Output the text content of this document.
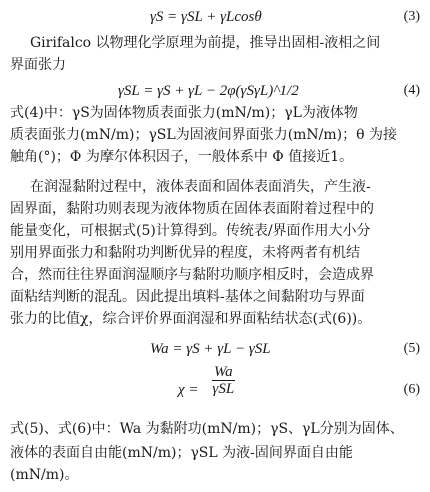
γS = γSL + γLcosθ	(3)
Girifalco 以物理化学原理为前提，推导出固相-液相之间
界面张力
γSL = γS + γL − 2φ(γSγL)^1/2	(4)
式(4)中：γS为固体物质表面张力(mN/m)；γL为液体物
质表面张力(mN/m)；γSL为固液间界面张力(mN/m)；θ 为接
触角(°)；Φ 为摩尔体积因子，一般体系中 Φ 值接近1。
在润湿黏附过程中，液体表面和固体表面消失，产生液-
固界面，黏附功则表现为液体物质在固体表面附着过程中的
能量变化，可根据式(5)计算得到。传统表/界面作用大小分
别用界面张力和黏附功判断优异的程度，未将两者有机结
合，然而往往界面润湿顺序与黏附功顺序相反时，会造成界
面粘结判断的混乱。因此提出填料-基体之间黏附功与界面
张力的比值χ，综合评价界面润湿和界面粘结状态(式(6))。
Wa = γS + γL − γSL	(5)
χ =
Wa
γSL	(6)
式(5)、式(6)中：Wa 为黏附功(mN/m)；γS、γL分别为固体、
液体的表面自由能(mN/m)；γSL 为液-固间界面自由能
(mN/m)。
